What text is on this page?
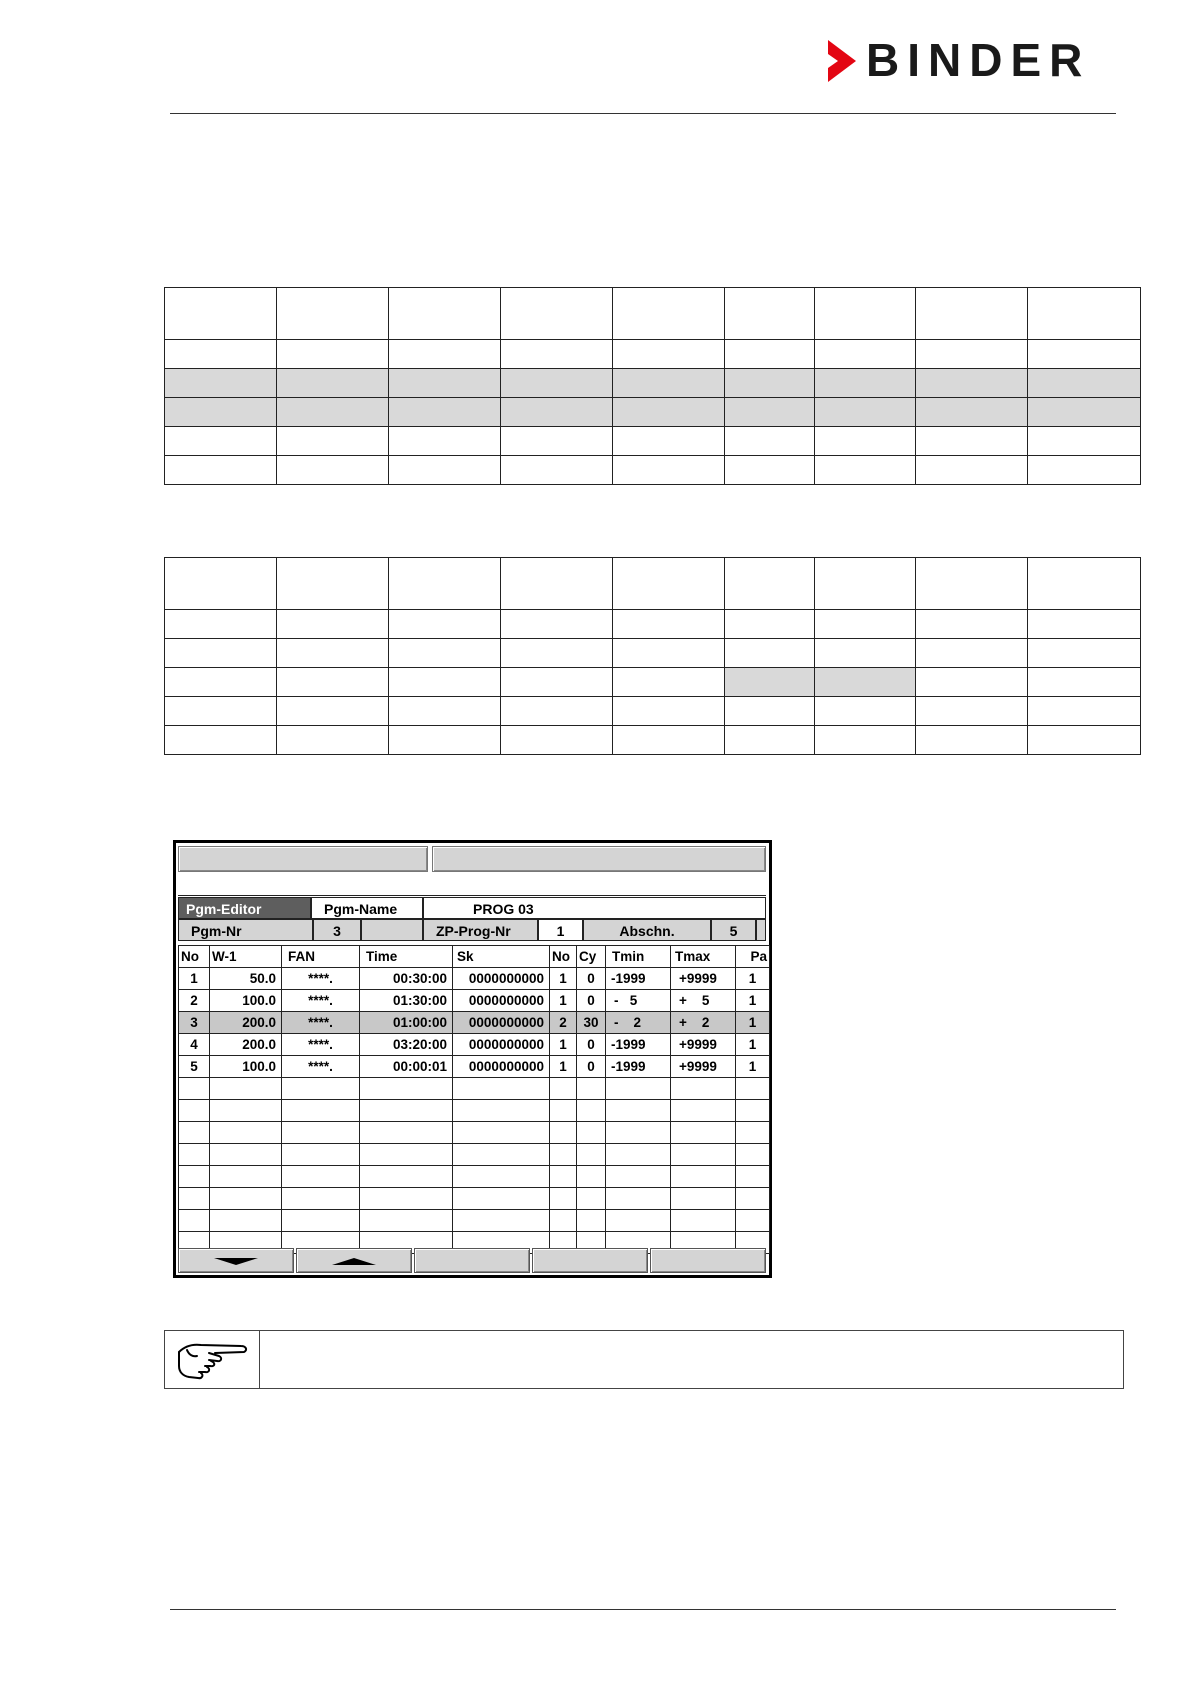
BINDER

Pgm-Editor	Pgm-Name	PROG 03
Pgm-Nr	3	ZP-Prog-Nr	1	Abschn.	5
No	W-1	FAN	Time	Sk	No	Cy	Tmin	Tmax	Pa
1	50.0	****.	00:30:00	0000000000	1	0	-1999	+9999	1
2	100.0	****.	01:30:00	0000000000	1	0	-   5	+    5	1
3	200.0	****.	01:00:00	0000000000	2	30	-    2	+    2	1
4	200.0	****.	03:20:00	0000000000	1	0	-1999	+9999	1
5	100.0	****.	00:00:01	0000000000	1	0	-1999	+9999	1
